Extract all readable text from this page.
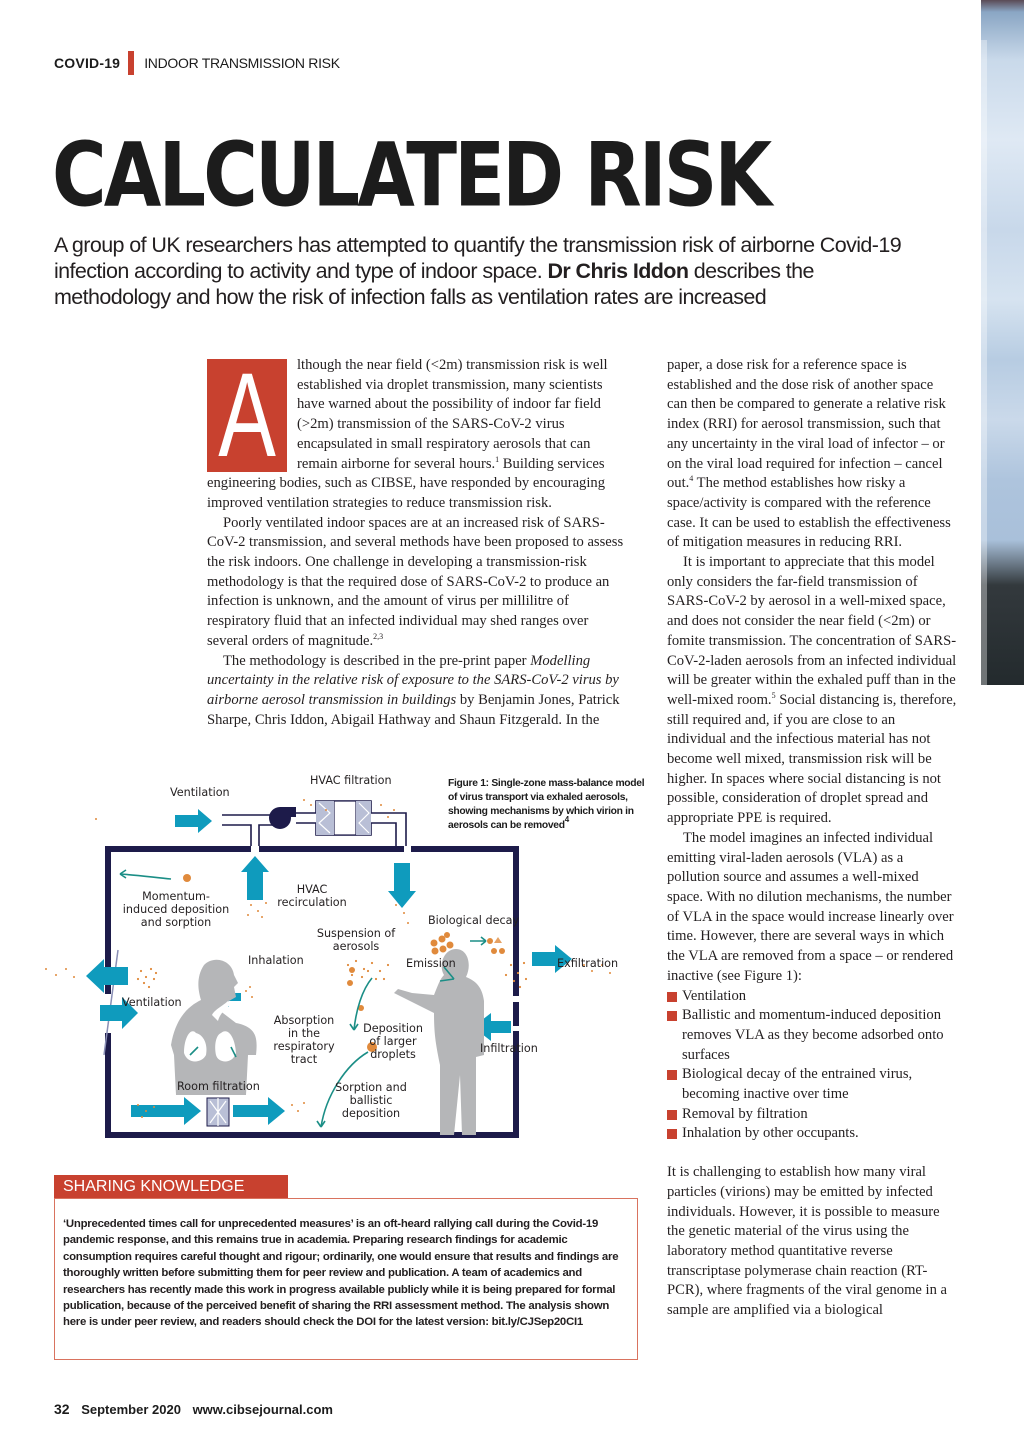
COVID-19 INDOOR TRANSMISSION RISK
CALCULATED RISK
A group of UK researchers has attempted to quantify the transmission risk of airborne Covid-19 infection according to activity and type of indoor space. Dr Chris Iddon describes the methodology and how the risk of infection falls as ventilation rates are increased
A	lthough the near field (<2m) transmission risk is well established via droplet transmission, many scientists have warned about the possibility of indoor far field (>2m) transmission of the SARS-CoV-2 virus encapsulated in small respiratory aerosols that can remain airborne for several hours.$^1$ Building services engineering bodies, such as CIBSE, have responded by encouraging improved ventilation strategies to reduce transmission risk.

Poorly ventilated indoor spaces are at an increased risk of SARS-CoV-2 transmission, and several methods have been proposed to assess the risk indoors. One challenge in developing a transmission-risk methodology is that the required dose of SARS-CoV-2 to produce an infection is unknown, and the amount of virus per millilitre of respiratory fluid that an infected individual may shed ranges over several orders of magnitude.$^{2,3}$

The methodology is described in the pre-print paper Modelling uncertainty in the relative risk of exposure to the SARS-CoV-2 virus by airborne aerosol transmission in buildings by Benjamin Jones, Patrick Sharpe, Chris Iddon, Abigail Hathway and Shaun Fitzgerald. In the

paper, a dose risk for a reference space is established and the dose risk of another space can then be compared to generate a relative risk index (RRI) for aerosol transmission, such that any uncertainty in the viral load of infector – or on the viral load required for infection – cancel out.$^4$ The method establishes how risky a space/activity is compared with the reference case. It can be used to establish the effectiveness of mitigation measures in reducing RRI.

It is important to appreciate that this model only considers the far-field transmission of SARS-CoV-2 by aerosol in a well-mixed space, and does not consider the near field (<2m) or fomite transmission. The concentration of SARS-CoV-2-laden aerosols from an infected individual will be greater within the exhaled puff than in the well-mixed room.$^5$ Social distancing is, therefore, still required and, if you are close to an individual and the infectious material has not become well mixed, transmission risk will be higher. In spaces where social distancing is not possible, consideration of droplet spread and appropriate PPE is required.

The model imagines an infected individual emitting viral-laden aerosols (VLA) as a pollution source and assumes a well-mixed space. With no dilution mechanisms, the number of VLA in the space would increase linearly over time. However, there are several ways in which the VLA are removed from a space – or rendered inactive (see Figure 1):

Ventilation
Ballistic and momentum-induced deposition removes VLA as they become adsorbed onto surfaces
Biological decay of the entrained virus, becoming inactive over time
Removal by filtration
Inhalation by other occupants.

It is challenging to establish how many viral particles (virions) may be emitted by infected individuals. However, it is possible to measure the genetic material of the virus using the laboratory method quantitative reverse transcriptase polymerase chain reaction (RT-PCR), where fragments of the viral genome in a sample are amplified via a biological

Figure 1: Single-zone mass-balance model of virus transport via exhaled aerosols, showing mechanisms by which virion in aerosols can be removed$^4$
Ventilation
HVAC filtration
Momentum-induced deposition and sorption
HVAC recirculation
Biological decay
Suspension of aerosols
Inhalation	Emission	Exfiltration
Ventilation
Absorption in the respiratory tract
Deposition of larger droplets	Infiltration
Room filtration	Sorption and ballistic deposition
SHARING KNOWLEDGE

‘Unprecedented times call for unprecedented measures’ is an oft-heard rallying call during the Covid-19 pandemic response, and this remains true in academia. Preparing research findings for academic consumption requires careful thought and rigour; ordinarily, one would ensure that results and findings are thoroughly written before submitting them for peer review and publication. A team of academics and researchers has recently made this work in progress available publicly while it is being prepared for formal publication, because of the perceived benefit of sharing the RRI assessment method. The analysis shown here is under peer review, and readers should check the DOI for the latest version: bit.ly/CJSep20CI1

32 September 2020 www.cibsejournal.com
